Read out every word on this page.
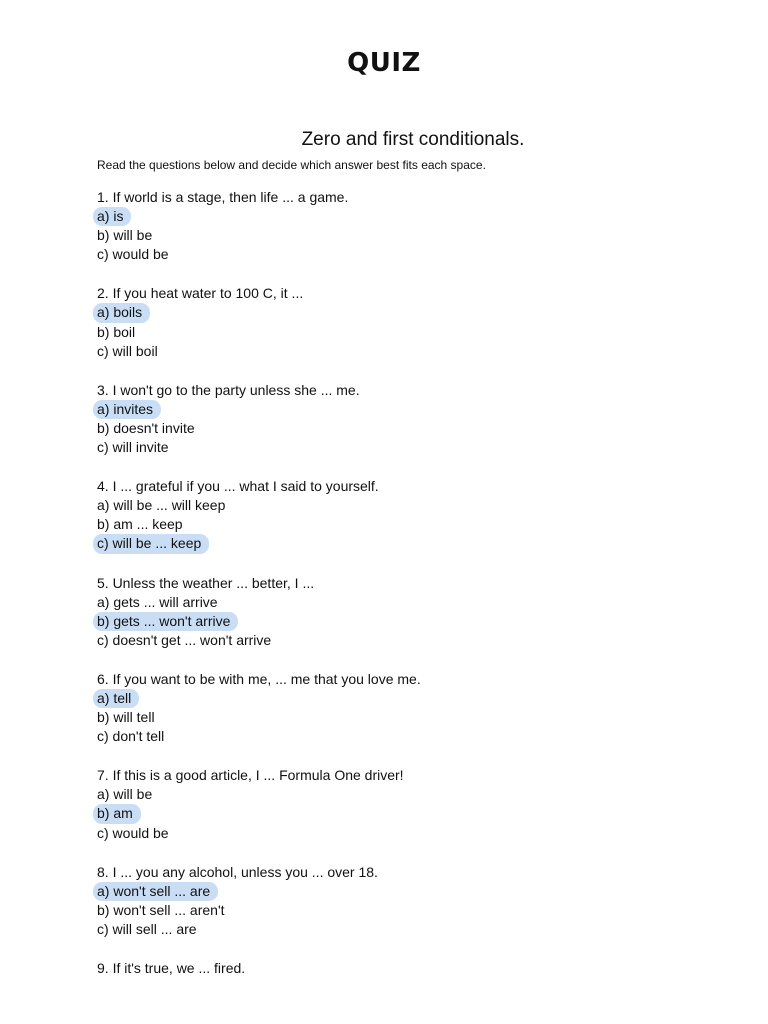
QUIZ
Zero and first conditionals.
Read the questions below and decide which answer best fits each space.
1. If world is a stage, then life ... a game.
a) is
b) will be
c) would be
2. If you heat water to 100 C, it ...
a) boils
b) boil
c) will boil
3. I won't go to the party unless she ... me.
a) invites
b) doesn't invite
c) will invite
4. I ... grateful if you ... what I said to yourself.
a) will be ... will keep
b) am ... keep
c) will be ... keep
5. Unless the weather ... better, I ...
a) gets ... will arrive
b) gets ... won't arrive
c) doesn't get ... won't arrive
6. If you want to be with me, ... me that you love me.
a) tell
b) will tell
c) don't tell
7. If this is a good article, I ... Formula One driver!
a) will be
b) am
c) would be
8. I ... you any alcohol, unless you ... over 18.
a) won't sell ... are
b) won't sell ... aren't
c) will sell ... are
9. If it's true, we ... fired.
